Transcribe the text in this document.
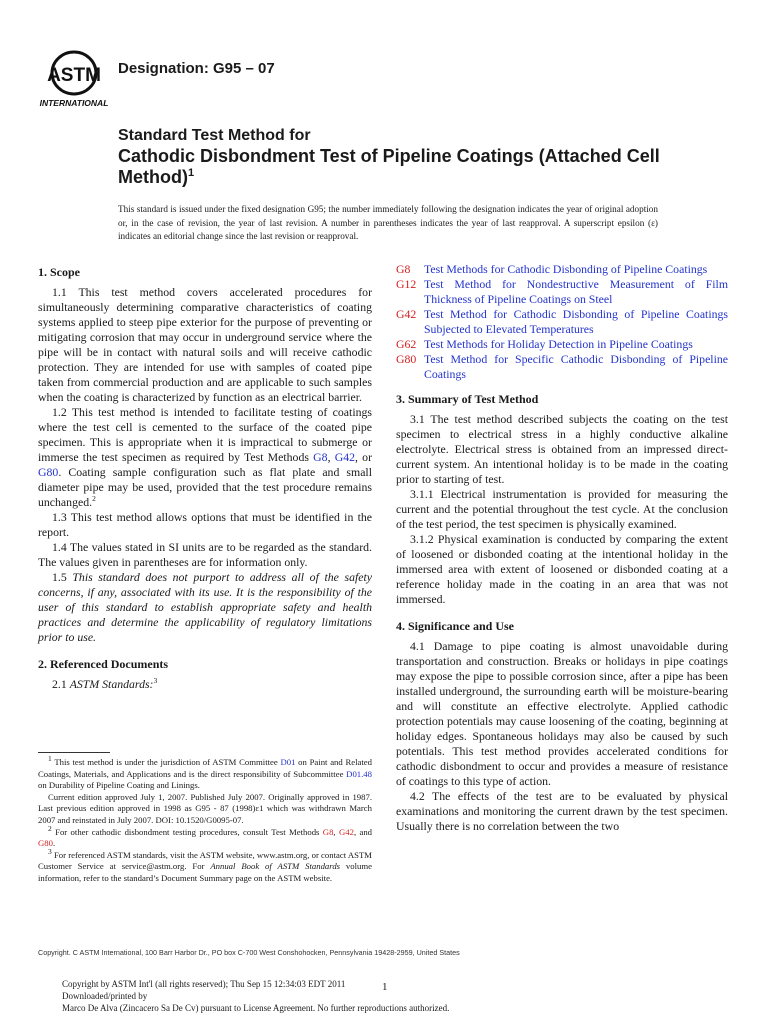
ASTM
INTERNATIONAL
Designation: G95 – 07
Standard Test Method for
Cathodic Disbondment Test of Pipeline Coatings (Attached Cell Method)$^1$
This standard is issued under the fixed designation G95; the number immediately following the designation indicates the year of original adoption or, in the case of revision, the year of last revision. A number in parentheses indicates the year of last reapproval. A superscript epsilon (ε) indicates an editorial change since the last revision or reapproval.
1. Scope

1.1 This test method covers accelerated procedures for simultaneously determining comparative characteristics of coating systems applied to steep pipe exterior for the purpose of preventing or mitigating corrosion that may occur in underground service where the pipe will be in contact with natural soils and will receive cathodic protection. They are intended for use with samples of coated pipe taken from commercial production and are applicable to such samples when the coating is characterized by function as an electrical barrier.

1.2 This test method is intended to facilitate testing of coatings where the test cell is cemented to the surface of the coated pipe specimen. This is appropriate when it is impractical to submerge or immerse the test specimen as required by Test Methods G8, G42, or G80. Coating sample configuration such as flat plate and small diameter pipe may be used, provided that the test procedure remains unchanged.$^2$

1.3 This test method allows options that must be identified in the report.

1.4 The values stated in SI units are to be regarded as the standard. The values given in parentheses are for information only.

1.5 This standard does not purport to address all of the safety concerns, if any, associated with its use. It is the responsibility of the user of this standard to establish appropriate safety and health practices and determine the applicability of regulatory limitations prior to use.

2. Referenced Documents

2.1 ASTM Standards:$^3$

$^1$ This test method is under the jurisdiction of ASTM Committee D01 on Paint and Related Coatings, Materials, and Applications and is the direct responsibility of Subcommittee D01.48 on Durability of Pipeline Coating and Linings.

Current edition approved July 1, 2007. Published July 2007. Originally approved in 1987. Last previous edition approved in 1998 as G95 - 87 (1998)ε1 which was withdrawn March 2007 and reinstated in July 2007. DOI: 10.1520/G0095-07.

$^2$ For other cathodic disbondment testing procedures, consult Test Methods G8, G42, and G80.

$^3$ For referenced ASTM standards, visit the ASTM website, www.astm.org, or contact ASTM Customer Service at service@astm.org. For Annual Book of ASTM Standards volume information, refer to the standard’s Document Summary page on the ASTM website.

G8	Test Methods for Cathodic Disbonding of Pipeline Coatings
G12 Test Method for Nondestructive Measurement of Film Thickness of Pipeline Coatings on Steel
G42 Test Method for Cathodic Disbonding of Pipeline Coatings Subjected to Elevated Temperatures
G62 Test Methods for Holiday Detection in Pipeline Coatings
G80 Test Method for Specific Cathodic Disbonding of Pipeline Coatings
3. Summary of Test Method

3.1 The test method described subjects the coating on the test specimen to electrical stress in a highly conductive alkaline electrolyte. Electrical stress is obtained from an impressed direct-current system. An intentional holiday is to be made in the coating prior to starting of test.

3.1.1 Electrical instrumentation is provided for measuring the current and the potential throughout the test cycle. At the conclusion of the test period, the test specimen is physically examined.

3.1.2 Physical examination is conducted by comparing the extent of loosened or disbonded coating at the intentional holiday in the immersed area with extent of loosened or disbonded coating at a reference holiday made in the coating in an area that was not immersed.

4. Significance and Use

4.1 Damage to pipe coating is almost unavoidable during transportation and construction. Breaks or holidays in pipe coatings may expose the pipe to possible corrosion since, after a pipe has been installed underground, the surrounding earth will be moisture-bearing and will constitute an effective electrolyte. Applied cathodic protection potentials may cause loosening of the coating, beginning at holiday edges. Spontaneous holidays may also be caused by such potentials. This test method provides accelerated conditions for cathodic disbondment to occur and provides a measure of resistance of coatings to this type of action.

4.2 The effects of the test are to be evaluated by physical examinations and monitoring the current drawn by the test specimen. Usually there is no correlation between the two

Copyright. C ASTM International, 100 Barr Harbor Dr., PO box C-700 West Conshohocken, Pennsylvania 19428-2959, United States
Copyright by ASTM Int'l (all rights reserved); Thu Sep 15 12:34:03 EDT 2011
Downloaded/printed by
Marco De Alva (Zincacero Sa De Cv) pursuant to License Agreement. No further reproductions authorized.
1
